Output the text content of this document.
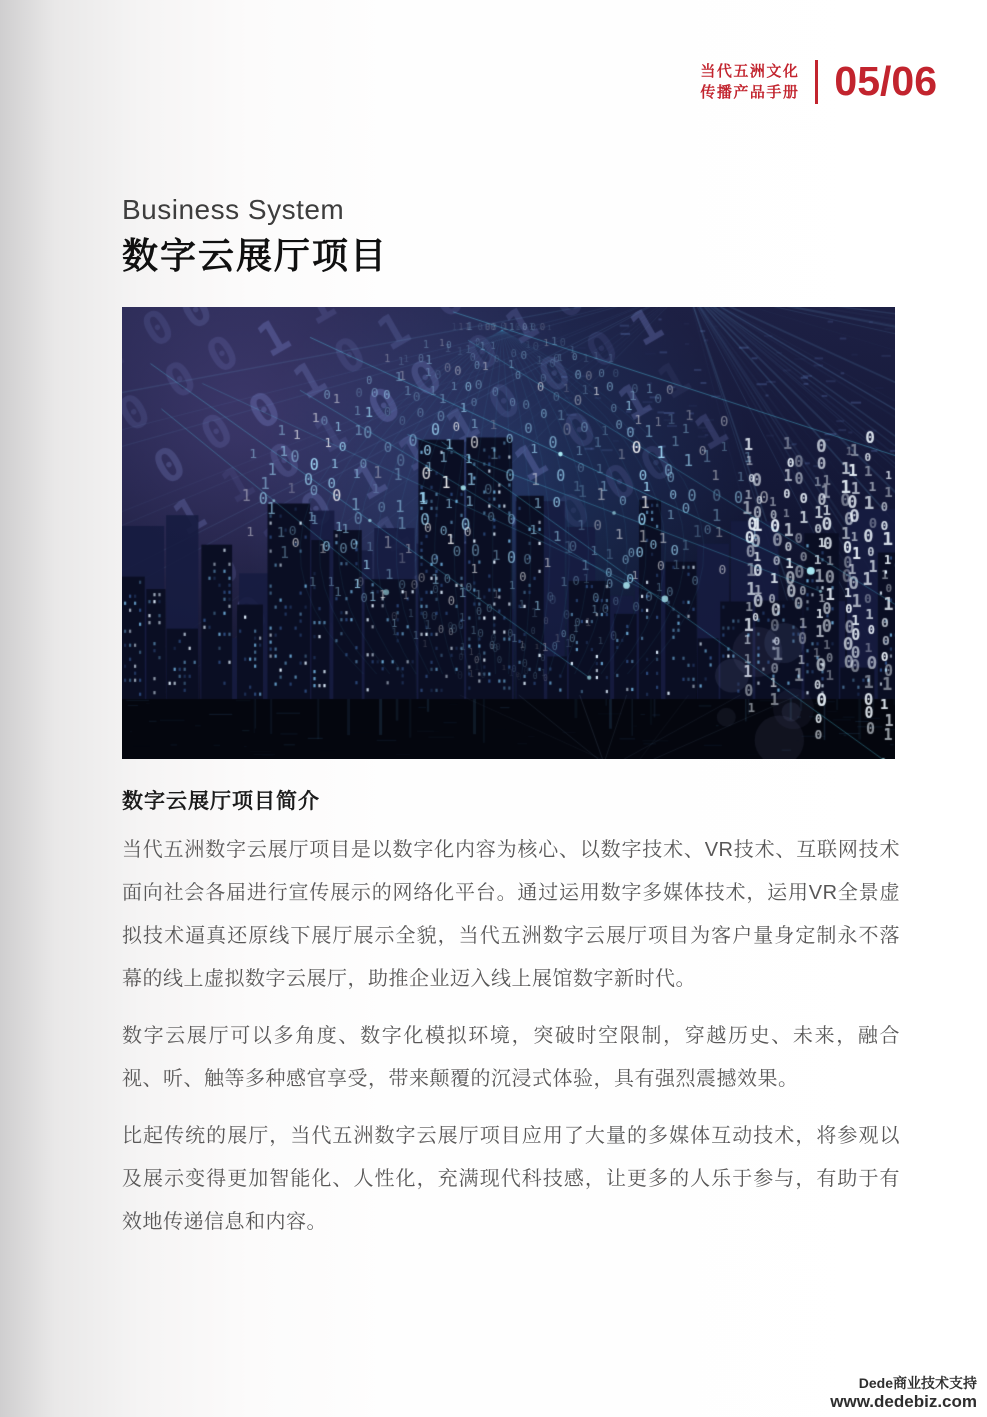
当代五洲文化
传播产品手册 05/06
Business System
数字云展厅项目
数字云展厅项目简介

当代五洲数字云展厅项目是以数字化内容为核心、以数字技术、VR技术、互联网技术面向社会各届进行宣传展示的网络化平台。通过运用数字多媒体技术，运用VR全景虚拟技术逼真还原线下展厅展示全貌，当代五洲数字云展厅项目为客户量身定制永不落幕的线上虚拟数字云展厅，助推企业迈入线上展馆数字新时代。

数字云展厅可以多角度、数字化模拟环境，突破时空限制，穿越历史、未来，融合视、听、触等多种感官享受，带来颠覆的沉浸式体验，具有强烈震撼效果。

比起传统的展厅，当代五洲数字云展厅项目应用了大量的多媒体互动技术，将参观以及展示变得更加智能化、人性化，充满现代科技感，让更多的人乐于参与，有助于有效地传递信息和内容。

Dede商业技术支持
www.dedebiz.com
